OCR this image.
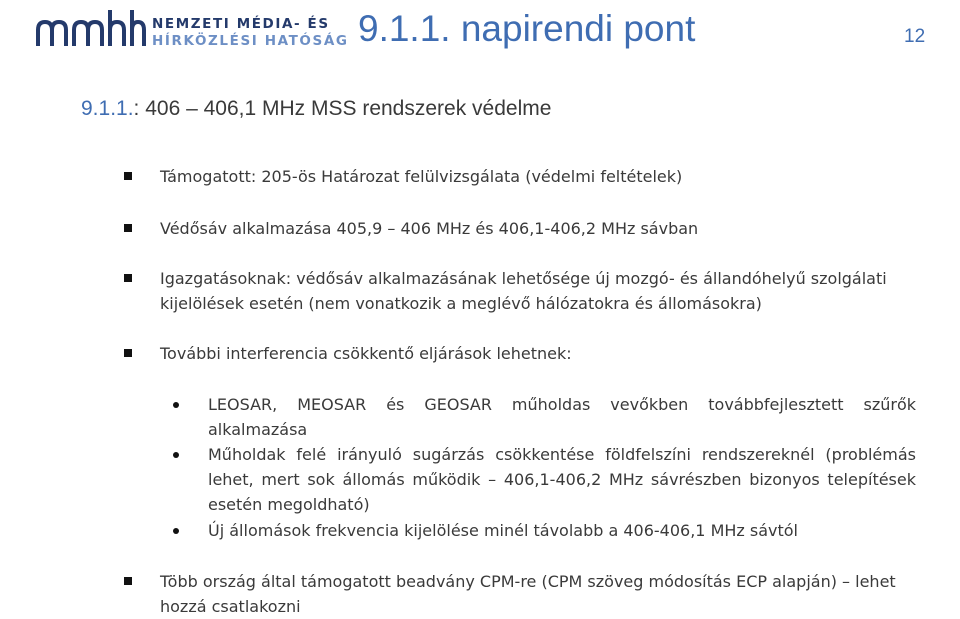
NEMZETI MÉDIA- ÉS
HÍRKÖZLÉSI HATÓSÁG 9.1.1. napirendi pont	12
9.1.1.: 406 – 406,1 MHz MSS rendszerek védelme
Támogatott: 205-ös Határozat felülvizsgálata (védelmi feltételek)
Védősáv alkalmazása 405,9 – 406 MHz és 406,1-406,2 MHz sávban
Igazgatásoknak: védősáv alkalmazásának lehetősége új mozgó- és állandóhelyű szolgálati kijelölések esetén (nem vonatkozik a meglévő hálózatokra és állomásokra)
További interferencia csökkentő eljárások lehetnek:
LEOSAR, MEOSAR és GEOSAR műholdas vevőkben továbbfejlesztett szűrők alkalmazása
Műholdak felé irányuló sugárzás csökkentése földfelszíni rendszereknél (problémás lehet, mert sok állomás működik – 406,1-406,2 MHz sávrészben bizonyos telepítések esetén megoldható)
Új állomások frekvencia kijelölése minél távolabb a 406-406,1 MHz sávtól
Több ország által támogatott beadvány CPM-re (CPM szöveg módosítás ECP alapján) – lehet hozzá csatlakozni
